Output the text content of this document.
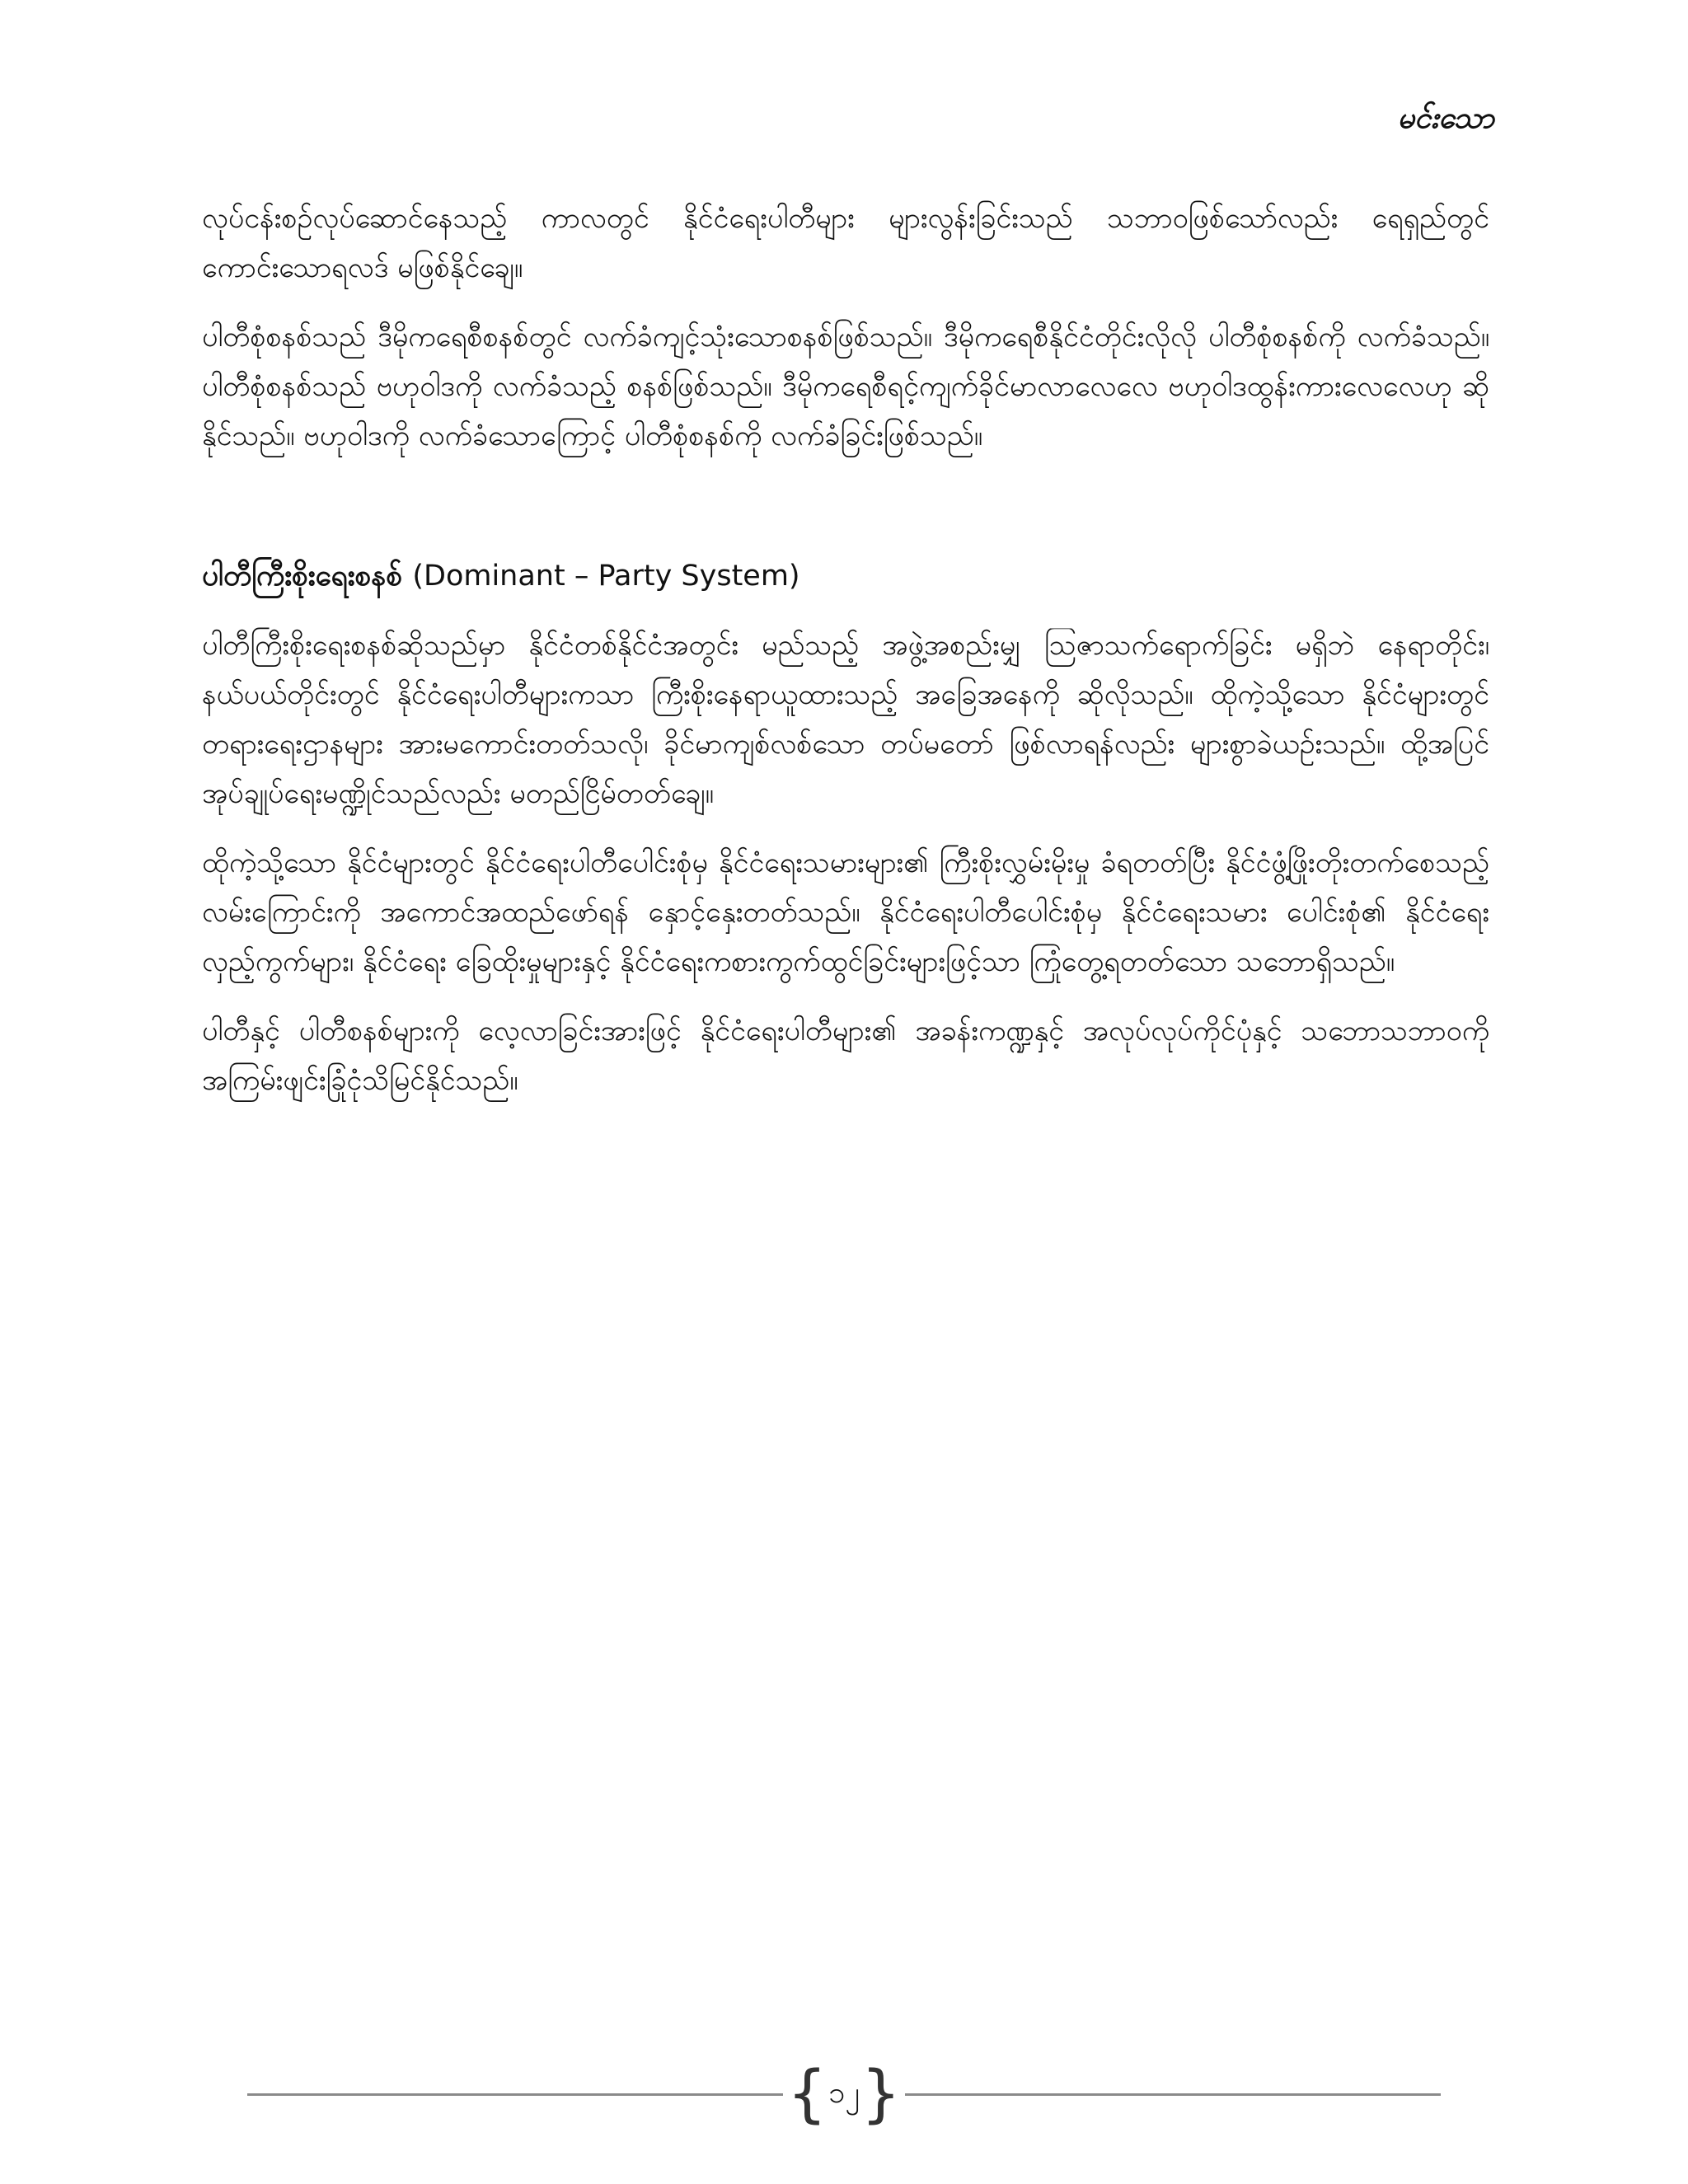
မင်းသော

လုပ်ငန်းစဉ်လုပ်ဆောင်နေသည့် ကာလတွင် နိုင်ငံရေးပါတီများ များလွန်းခြင်းသည် သဘာဝဖြစ်သော်လည်း ရေရှည်တွင် ကောင်းသောရလဒ် မဖြစ်နိုင်ချေ။

ပါတီစုံစနစ်သည် ဒီမိုကရေစီစနစ်တွင် လက်ခံကျင့်သုံးသောစနစ်ဖြစ်သည်။ ဒီမိုကရေစီနိုင်ငံတိုင်းလိုလို ပါတီစုံစနစ်ကို လက်ခံသည်။ ပါတီစုံစနစ်သည် ဗဟုဝါဒကို လက်ခံသည့် စနစ်ဖြစ်သည်။ ဒီမိုကရေစီရင့်ကျက်ခိုင်မာလာလေလေ ဗဟုဝါဒထွန်းကားလေလေဟု ဆိုနိုင်သည်။ ဗဟုဝါဒကို လက်ခံသောကြောင့် ပါတီစုံစနစ်ကို လက်ခံခြင်းဖြစ်သည်။

ပါတီကြီးစိုးရေးစနစ် (Dominant – Party System)

ပါတီကြီးစိုးရေးစနစ်ဆိုသည်မှာ နိုင်ငံတစ်နိုင်ငံအတွင်း မည်သည့် အဖွဲ့အစည်းမျှ ဩဇာသက်ရောက်ခြင်း မရှိဘဲ နေရာတိုင်း၊ နယ်ပယ်တိုင်းတွင် နိုင်ငံရေးပါတီများကသာ ကြီးစိုးနေရာယူထားသည့် အခြေအနေကို ဆိုလိုသည်။ ထိုကဲ့သို့သော နိုင်ငံများတွင် တရားရေးဌာနများ အားမကောင်းတတ်သလို၊ ခိုင်မာကျစ်လစ်သော တပ်မတော် ဖြစ်လာရန်လည်း များစွာခဲယဉ်းသည်။ ထို့အပြင် အုပ်ချုပ်ရေးမဏ္ဍိုင်သည်လည်း မတည်ငြိမ်တတ်ချေ။

ထိုကဲ့သို့သော နိုင်ငံများတွင် နိုင်ငံရေးပါတီပေါင်းစုံမှ နိုင်ငံရေးသမားများ၏ ကြီးစိုးလွှမ်းမိုးမှု ခံရတတ်ပြီး နိုင်ငံဖွံ့ဖြိုးတိုးတက်စေသည့် လမ်းကြောင်းကို အကောင်အထည်ဖော်ရန် နှောင့်နှေးတတ်သည်။ နိုင်ငံရေးပါတီပေါင်းစုံမှ နိုင်ငံရေးသမား ပေါင်းစုံ၏ နိုင်ငံရေးလှည့်ကွက်များ၊ နိုင်ငံရေး ခြေထိုးမှုများနှင့် နိုင်ငံရေးကစားကွက်ထွင်ခြင်းများဖြင့်သာ ကြုံတွေ့ရတတ်သော သဘောရှိသည်။

ပါတီနှင့် ပါတီစနစ်များကို လေ့လာခြင်းအားဖြင့် နိုင်ငံရေးပါတီများ၏ အခန်းကဏ္ဍနှင့် အလုပ်လုပ်ကိုင်ပုံနှင့် သဘောသဘာဝကို အကြမ်းဖျင်းခြုံငုံသိမြင်နိုင်သည်။

{ ၁၂ }
